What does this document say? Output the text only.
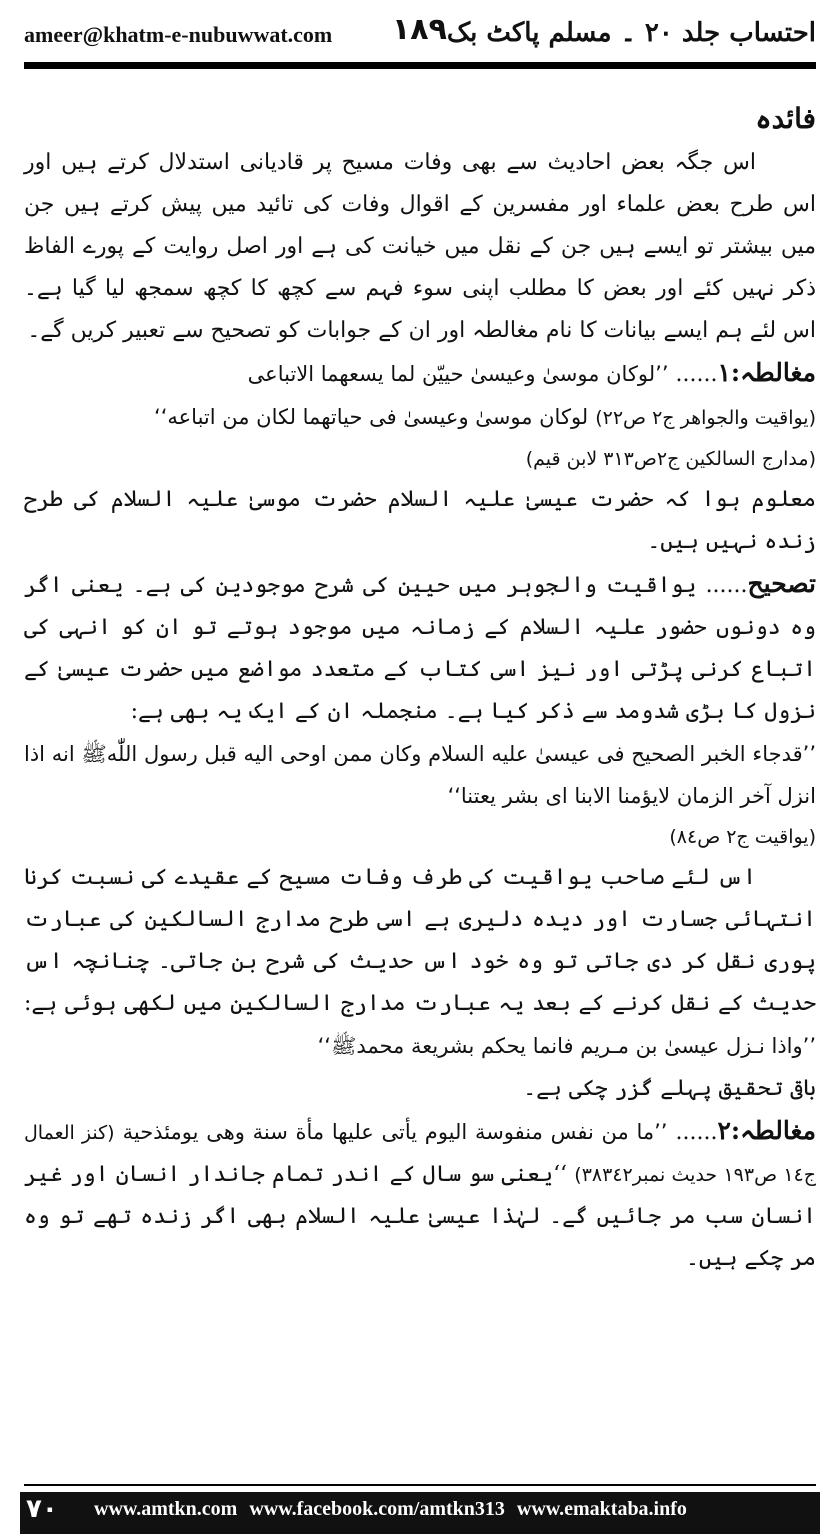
ameer@khatm-e-nubuwwat.com ۱۸۹ احتساب جلد ۲۰ ۔ مسلم پاکٹ بک

فائدہ

اس جگہ بعض احادیث سے بھی وفات مسیح پر قادیانی استدلال کرتے ہیں اور اس طرح بعض علماء اور مفسرین کے اقوال وفات کی تائید میں پیش کرتے ہیں جن میں بیشتر تو ایسے ہیں جن کے نقل میں خیانت کی ہے اور اصل روایت کے پورے الفاظ ذکر نہیں کئے اور بعض کا مطلب اپنی سوء فہم سے کچھ کا کچھ سمجھ لیا گیا ہے۔ اس لئے ہم ایسے بیانات کا نام مغالطہ اور ان کے جوابات کو تصحیح سے تعبیر کریں گے۔

مغالطہ:۱...... ’’لوکان موسیٰ وعیسیٰ حییّن لما یسعهما الاتباعی

(یواقیت والجواهر ج۲ ص۲۲) لوکان موسیٰ وعیسیٰ فی حیاتهما لکان من اتباعه‘‘

(مدارج السالکین ج۲ص۳۱۳ لابن قیم)

معلوم ہوا کہ حضرت عیسیٰ علیہ السلام حضرت موسیٰ علیہ السلام کی طرح زندہ نہیں ہیں۔

تصحیح...... یواقیت والجوہر میں حیین کی شرح موجودین کی ہے۔ یعنی اگر وہ دونوں حضور علیہ السلام کے زمانہ میں موجود ہوتے تو ان کو انہی کی اتباع کرنی پڑتی اور نیز اسی کتاب کے متعدد مواضع میں حضرت عیسیٰ کے نزول کا بڑی شدومد سے ذکر کیا ہے۔ منجملہ ان کے ایک یہ بھی ہے:

’’قدجاء الخبر الصحیح فی عیسیٰ علیه السلام وکان ممن اوحی الیه قبل رسول اللّٰهﷺ انه اذا انزل آخر الزمان لایؤمنا الابنا ای بشر یعتنا‘‘

(یواقیت ج۲ ص۸٤)

اس لئے صاحب یواقیت کی طرف وفات مسیح کے عقیدے کی نسبت کرنا انتہائی جسارت اور دیدہ دلیری ہے اسی طرح مدارج السالکین کی عبارت پوری نقل کر دی جاتی تو وہ خود اس حدیث کی شرح بن جاتی۔ چنانچہ اس حدیث کے نقل کرنے کے بعد یہ عبارت مدارج السالکین میں لکھی ہوئی ہے: ’’واذا نـزل عیسیٰ بن مـریم فانما یحکم بشریعة محمدﷺ‘‘

باقی تحقیق پہلے گزر چکی ہے۔

مغالطہ:۲...... ’’ما من نفس منفوسة الیوم یأتی علیها مأة سنة وهی یومئذحیة (کنز العمال ج١٤ ص١٩٣ حدیث نمبر٣٨٣٤٢) ‘‘یعنی سو سال کے اندر تمام جاندار انسان اور غیر انسان سب مر جائیں گے۔ لہٰذا عیسیٰ علیہ السلام بھی اگر زندہ تھے تو وہ مر چکے ہیں۔

۷۰ www.amtkn.com www.facebook.com/amtkn313 www.emaktaba.info
